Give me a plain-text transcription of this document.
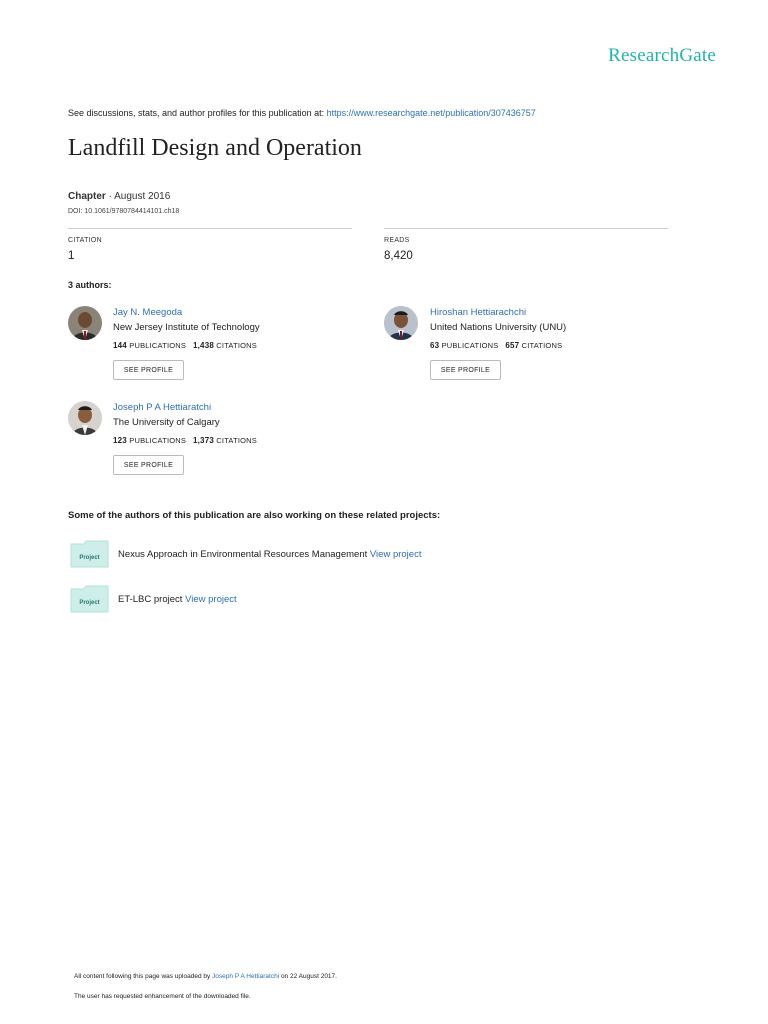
ResearchGate
See discussions, stats, and author profiles for this publication at: https://www.researchgate.net/publication/307436757
Landfill Design and Operation
Chapter · August 2016
DOI: 10.1061/9780784414101.ch18
CITATION
1
READS
8,420
3 authors:
Jay N. Meegoda
New Jersey Institute of Technology
144 PUBLICATIONS 1,438 CITATIONS
SEE PROFILE
Hiroshan Hettiarachchi
United Nations University (UNU)
63 PUBLICATIONS 657 CITATIONS
SEE PROFILE
Joseph P A Hettiaratchi
The University of Calgary
123 PUBLICATIONS 1,373 CITATIONS
SEE PROFILE
Some of the authors of this publication are also working on these related projects:
Project Nexus Approach in Environmental Resources Management View project
Project ET-LBC project View project
All content following this page was uploaded by Joseph P A Hettiaratchi on 22 August 2017.
The user has requested enhancement of the downloaded file.
